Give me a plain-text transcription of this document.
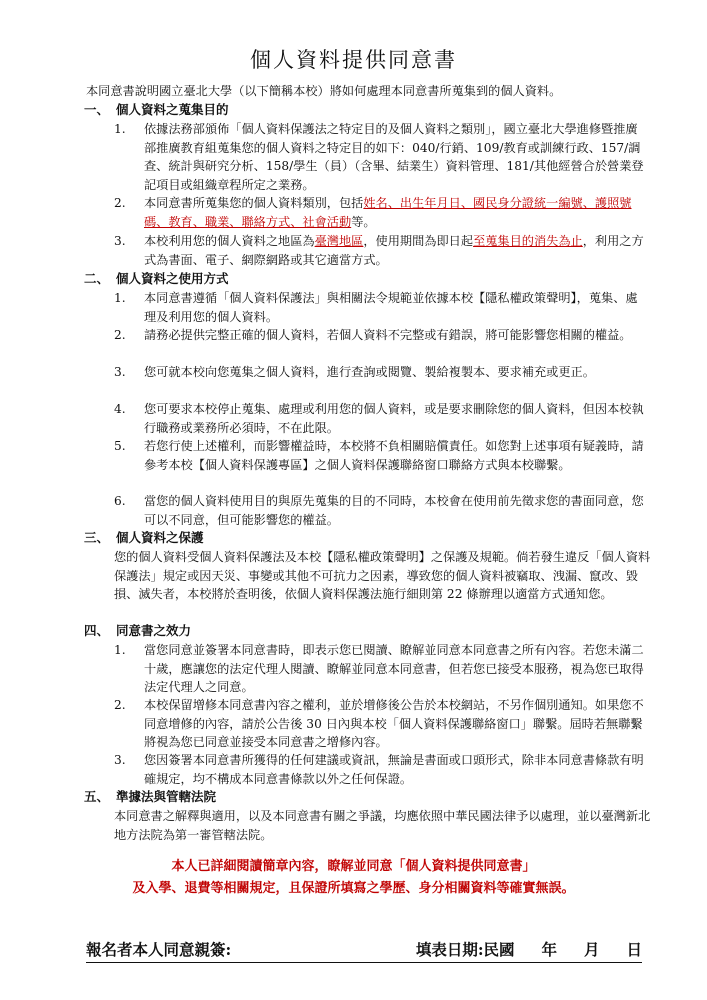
個人資料提供同意書
本同意書說明國立臺北大學（以下簡稱本校）將如何處理本同意書所蒐集到的個人資料。
一、 個人資料之蒐集目的
1.	依據法務部頒佈「個人資料保護法之特定目的及個人資料之類別」，國立臺北大學進修暨推廣部推廣教育組蒐集您的個人資料之特定目的如下：040/行銷、109/教育或訓練行政、157/調查、統計與研究分析、158/學生（員）（含畢、結業生）資料管理、181/其他經營合於營業登記項目或組織章程所定之業務。
2.	本同意書所蒐集您的個人資料類別，包括姓名、出生年月日、國民身分證統一編號、護照號碼、教育、職業、聯絡方式、社會活動等。
3.	本校利用您的個人資料之地區為臺灣地區，使用期間為即日起至蒐集目的消失為止，利用之方式為書面、電子、網際網路或其它適當方式。
二、 個人資料之使用方式
1.	本同意書遵循「個人資料保護法」與相關法令規範並依據本校【隱私權政策聲明】，蒐集、處理及利用您的個人資料。
2.	請務必提供完整正確的個人資料，若個人資料不完整或有錯誤，將可能影響您相關的權益。
3.	您可就本校向您蒐集之個人資料，進行查詢或閱覽、製給複製本、要求補充或更正。
4.	您可要求本校停止蒐集、處理或利用您的個人資料，或是要求刪除您的個人資料，但因本校執行職務或業務所必須時，不在此限。
5.	若您行使上述權利，而影響權益時，本校將不負相關賠償責任。如您對上述事項有疑義時，請參考本校【個人資料保護專區】之個人資料保護聯絡窗口聯絡方式與本校聯繫。
6.	當您的個人資料使用目的與原先蒐集的目的不同時，本校會在使用前先徵求您的書面同意，您可以不同意，但可能影響您的權益。
三、 個人資料之保護
您的個人資料受個人資料保護法及本校【隱私權政策聲明】之保護及規範。倘若發生違反「個人資料保護法」規定或因天災、事變或其他不可抗力之因素，導致您的個人資料被竊取、洩漏、竄改、毀損、滅失者，本校將於查明後，依個人資料保護法施行細則第 22 條辦理以適當方式通知您。
四、 同意書之效力
1.	當您同意並簽署本同意書時，即表示您已閱讀、瞭解並同意本同意書之所有內容。若您未滿二十歲，應讓您的法定代理人閱讀、瞭解並同意本同意書，但若您已接受本服務，視為您已取得法定代理人之同意。
2.	本校保留增修本同意書內容之權利，並於增修後公告於本校網站，不另作個別通知。如果您不同意增修的內容，請於公告後 30 日內與本校「個人資料保護聯絡窗口」聯繫。屆時若無聯繫將視為您已同意並接受本同意書之增修內容。
3.	您因簽署本同意書所獲得的任何建議或資訊，無論是書面或口頭形式，除非本同意書條款有明確規定，均不構成本同意書條款以外之任何保證。
五、 準據法與管轄法院
本同意書之解釋與適用，以及本同意書有關之爭議，均應依照中華民國法律予以處理，並以臺灣新北地方法院為第一審管轄法院。
本人已詳細閱讀簡章內容，瞭解並同意「個人資料提供同意書」
及入學、退費等相關規定，且保證所填寫之學歷、身分相關資料等確實無誤。
報名者本人同意親簽:	填表日期:民國     年     月     日
